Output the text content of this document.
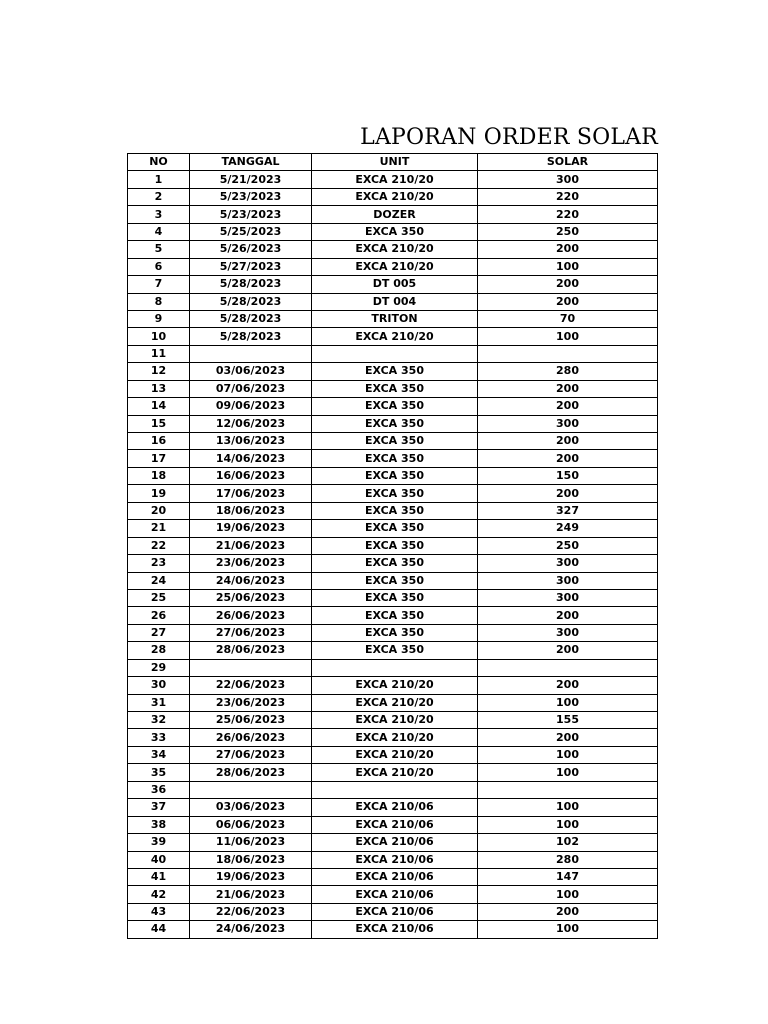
LAPORAN ORDER SOLAR
NO	TANGGAL	UNIT	SOLAR
1	5/21/2023	EXCA 210/20	300
2	5/23/2023	EXCA 210/20	220
3	5/23/2023	DOZER	220
4	5/25/2023	EXCA 350	250
5	5/26/2023	EXCA 210/20	200
6	5/27/2023	EXCA 210/20	100
7	5/28/2023	DT 005	200
8	5/28/2023	DT 004	200
9	5/28/2023	TRITON	70
10	5/28/2023	EXCA 210/20	100
11			
12	03/06/2023	EXCA 350	280
13	07/06/2023	EXCA 350	200
14	09/06/2023	EXCA 350	200
15	12/06/2023	EXCA 350	300
16	13/06/2023	EXCA 350	200
17	14/06/2023	EXCA 350	200
18	16/06/2023	EXCA 350	150
19	17/06/2023	EXCA 350	200
20	18/06/2023	EXCA 350	327
21	19/06/2023	EXCA 350	249
22	21/06/2023	EXCA 350	250
23	23/06/2023	EXCA 350	300
24	24/06/2023	EXCA 350	300
25	25/06/2023	EXCA 350	300
26	26/06/2023	EXCA 350	200
27	27/06/2023	EXCA 350	300
28	28/06/2023	EXCA 350	200
29			
30	22/06/2023	EXCA 210/20	200
31	23/06/2023	EXCA 210/20	100
32	25/06/2023	EXCA 210/20	155
33	26/06/2023	EXCA 210/20	200
34	27/06/2023	EXCA 210/20	100
35	28/06/2023	EXCA 210/20	100
36			
37	03/06/2023	EXCA 210/06	100
38	06/06/2023	EXCA 210/06	100
39	11/06/2023	EXCA 210/06	102
40	18/06/2023	EXCA 210/06	280
41	19/06/2023	EXCA 210/06	147
42	21/06/2023	EXCA 210/06	100
43	22/06/2023	EXCA 210/06	200
44	24/06/2023	EXCA 210/06	100
